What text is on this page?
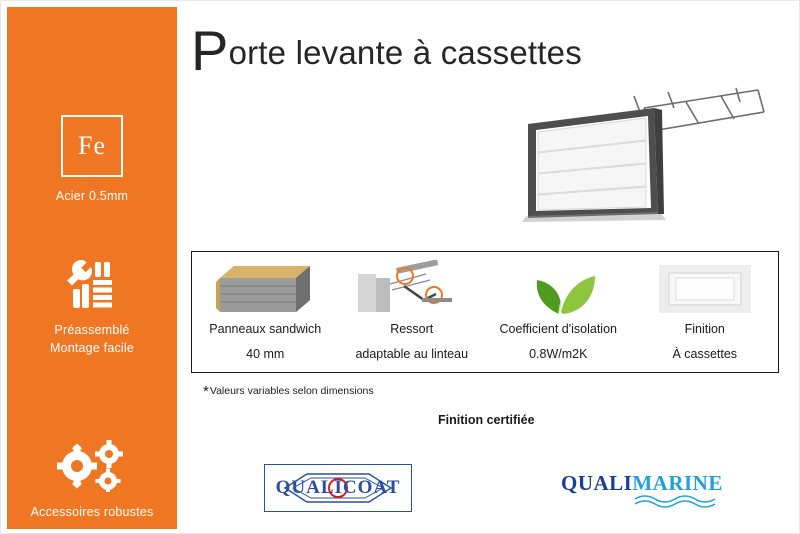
Fe
Acier 0.5mm
Préassemblé
Montage facile
Accessoires robustes
Porte levante à cassettes
Panneaux sandwich
40 mm
Ressort
adaptable au linteau
Coefficient d'isolation
0.8W/m2K
Finition
À cassettes
*Valeurs variables selon dimensions
Finition certifiée
QUALICOAT	QUALIMARINE
